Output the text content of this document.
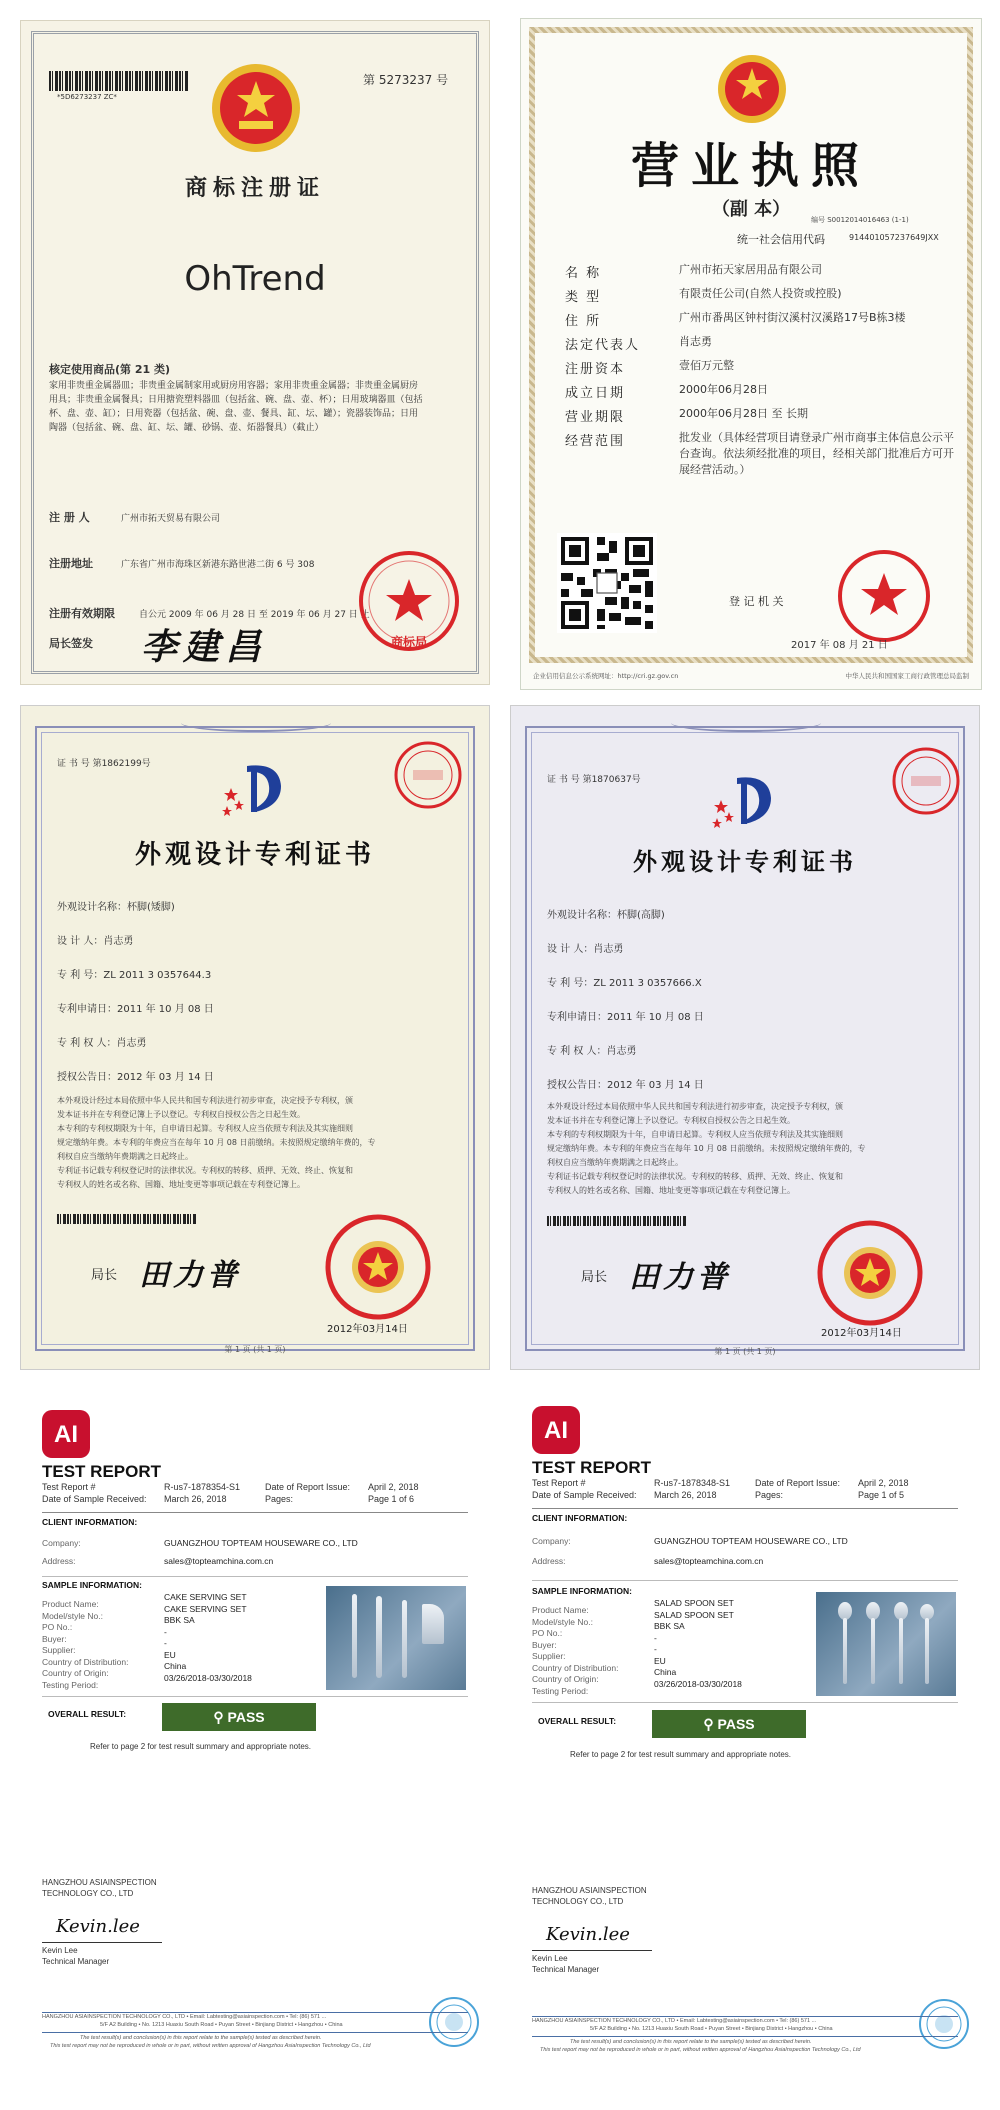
*5D6273237 ZC*
第 5273237 号
商标注册证
OhTrend
核定使用商品(第 21 类)
家用非贵重金属器皿；非贵重金属制家用或厨房用容器；家用非贵重金属器；非贵重金属厨房
用具；非贵重金属餐具；日用搪瓷塑料器皿（包括盆、碗、盘、壶、杯）；日用玻璃器皿（包括
杯、盘、壶、缸）；日用瓷器（包括盆、碗、盘、壶、餐具、缸、坛、罐）；瓷器装饰品；日用
陶器（包括盆、碗、盘、缸、坛、罐、砂锅、壶、炻器餐具）（截止）
注 册 人	广州市拓天贸易有限公司
注册地址	广东省广州市海珠区新港东路世港二街 6 号 308
注册有效期限	自公元 2009 年 06 月 28 日 至 2019 年 06 月 27 日 止
局长签发 李建昌	商标局
营业执照
（副 本）	编号 S0012014016463 (1-1)
统一社会信用代码	914401057237649JXX
名 称	广州市拓天家居用品有限公司
类 型	有限责任公司(自然人投资或控股)
住 所	广州市番禺区钟村街汉溪村汉溪路17号B栋3楼
法定代表人	肖志勇
注册资本	壹佰万元整
成立日期	2000年06月28日
营业期限	2000年06月28日 至 长期
经营范围	批发业（具体经营项目请登录广州市商事主体信息公示平台查询。依法须经批准的项目，经相关部门批准后方可开展经营活动。）
登 记 机 关
2017 年 08 月 21 日
企业信用信息公示系统网址：http://cri.gz.gov.cn	中华人民共和国国家工商行政管理总局监制
证 书 号 第1862199号
外观设计专利证书
外观设计名称：杯脚(矮脚)
设 计 人：肖志勇
专 利 号：ZL 2011 3 0357644.3
专利申请日：2011 年 10 月 08 日
专 利 权 人：肖志勇
授权公告日：2012 年 03 月 14 日
本外观设计经过本局依照中华人民共和国专利法进行初步审查，决定授予专利权，颁
发本证书并在专利登记簿上予以登记。专利权自授权公告之日起生效。
本专利的专利权期限为十年，自申请日起算。专利权人应当依照专利法及其实施细则
规定缴纳年费。本专利的年费应当在每年 10 月 08 日前缴纳。未按照规定缴纳年费的，专
利权自应当缴纳年费期满之日起终止。
专利证书记载专利权登记时的法律状况。专利权的转移、质押、无效、终止、恢复和
专利权人的姓名或名称、国籍、地址变更等事项记载在专利登记簿上。
局长 田力普
2012年03月14日
第 1 页 (共 1 页)
证 书 号 第1870637号
外观设计专利证书
外观设计名称：杯脚(高脚)
设 计 人：肖志勇
专 利 号：ZL 2011 3 0357666.X
专利申请日：2011 年 10 月 08 日
专 利 权 人：肖志勇
授权公告日：2012 年 03 月 14 日
本外观设计经过本局依照中华人民共和国专利法进行初步审查，决定授予专利权，颁
发本证书并在专利登记簿上予以登记。专利权自授权公告之日起生效。
本专利的专利权期限为十年，自申请日起算。专利权人应当依照专利法及其实施细则
规定缴纳年费。本专利的年费应当在每年 10 月 08 日前缴纳。未按照规定缴纳年费的，专
利权自应当缴纳年费期满之日起终止。
专利证书记载专利权登记时的法律状况。专利权的转移、质押、无效、终止、恢复和
专利权人的姓名或名称、国籍、地址变更等事项记载在专利登记簿上。
局长 田力普
2012年03月14日
第 1 页 (共 1 页)
AI
TEST REPORT
Test Report #	R-us7-1878354-S1	Date of Report Issue: April 2, 2018
Date of Sample Received: March 26, 2018	Pages:	Page 1 of 6
CLIENT INFORMATION:
Company:	GUANGZHOU TOPTEAM HOUSEWARE CO., LTD
Address:	sales@topteamchina.com.cn
SAMPLE INFORMATION:
Product Name:
CAKE SERVING SET
Model/style No.:
CAKE SERVING SET
PO No.:
BBK SA
Buyer:
-
Supplier:
-
Country of Distribution:
EU
Country of Origin:
China
Testing Period:
03/26/2018-03/30/2018
OVERALL RESULT:	⚲ PASS
Refer to page 2 for test result summary and appropriate notes.
HANGZHOU ASIAINSPECTION
TECHNOLOGY CO., LTD
Kevin.lee
Kevin Lee
Technical Manager
HANGZHOU ASIAINSPECTION TECHNOLOGY CO., LTD • Email: Labtesting@asiainspection.com • Tel: (86) 571 ...
5/F A2 Building • No. 1213 Huaxiu South Road • Puyan Street • Binjiang District • Hangzhou • China
The test result(s) and conclusion(s) in this report relate to the sample(s) tested as described herein.
This test report may not be reproduced in whole or in part, without written approval of Hangzhou AsiaInspection Technology Co., Ltd
AI
TEST REPORT
Test Report #	R-us7-1878348-S1	Date of Report Issue: April 2, 2018
Date of Sample Received: March 26, 2018	Pages:	Page 1 of 5
CLIENT INFORMATION:
Company:	GUANGZHOU TOPTEAM HOUSEWARE CO., LTD
Address:	sales@topteamchina.com.cn
SAMPLE INFORMATION:
Product Name:
SALAD SPOON SET
Model/style No.:
SALAD SPOON SET
PO No.:
BBK SA
Buyer:
-
Supplier:
-
Country of Distribution:
EU
Country of Origin:
China
Testing Period:
03/26/2018-03/30/2018
OVERALL RESULT:	⚲ PASS
Refer to page 2 for test result summary and appropriate notes.
HANGZHOU ASIAINSPECTION
TECHNOLOGY CO., LTD
Kevin.lee
Kevin Lee
Technical Manager
HANGZHOU ASIAINSPECTION TECHNOLOGY CO., LTD • Email: Labtesting@asiainspection.com • Tel: (86) 571 ...
5/F A2 Building • No. 1213 Huaxiu South Road • Puyan Street • Binjiang District • Hangzhou • China
The test result(s) and conclusion(s) in this report relate to the sample(s) tested as described herein.
This test report may not be reproduced in whole or in part, without written approval of Hangzhou AsiaInspection Technology Co., Ltd
